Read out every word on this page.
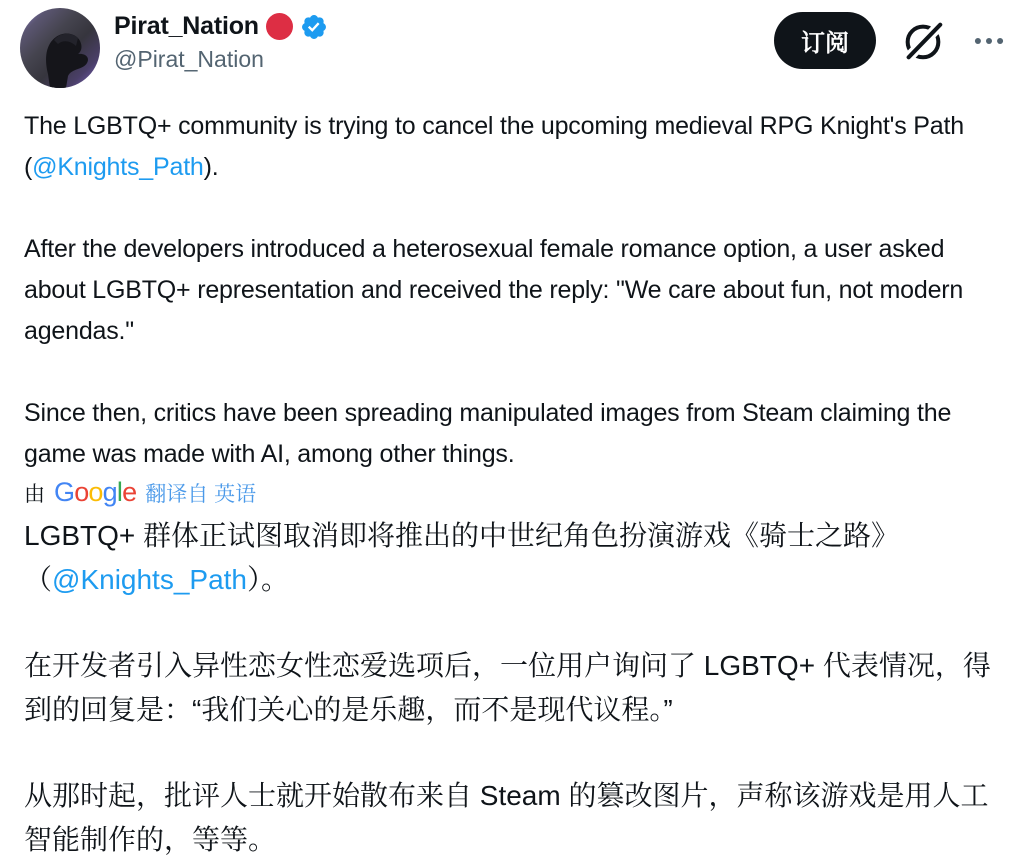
Pirat_Nation
@Pirat_Nation
订阅

The LGBTQ+ community is trying to cancel the upcoming medieval RPG Knight's Path (@Knights_Path).

After the developers introduced a heterosexual female romance option, a user asked about LGBTQ+ representation and received the reply: "We care about fun, not modern agendas."

Since then, critics have been spreading manipulated images from Steam claiming the game was made with AI, among other things.

由 G o o g l e 翻译自 英语

LGBTQ+ 群体正试图取消即将推出的中世纪角色扮演游戏《骑士之路》（@Knights_Path）。

在开发者引入异性恋女性恋爱选项后，一位用户询问了 LGBTQ+ 代表情况，得到的回复是：“我们关心的是乐趣，而不是现代议程。”

从那时起，批评人士就开始散布来自 Steam 的篡改图片，声称该游戏是用人工智能制作的，等等。
